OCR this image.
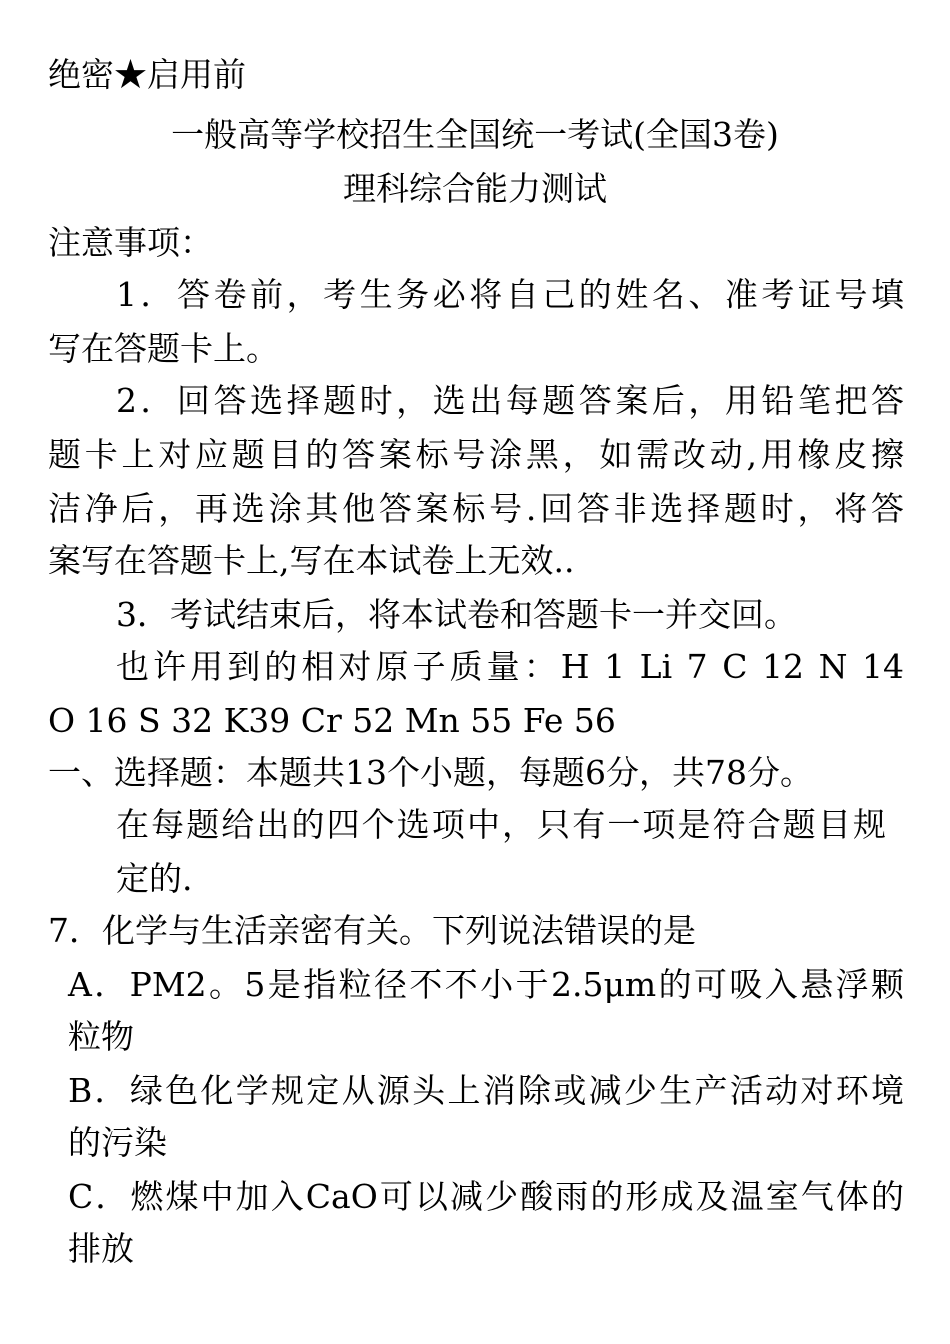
绝密★启用前
一般高等学校招生全国统一考试(全国3卷)
理科综合能力测试
注意事项：
1．答卷前，考生务必将自己的姓名、准考证号填
写在答题卡上。
2．回答选择题时，选出每题答案后，用铅笔把答
题卡上对应题目的答案标号涂黑，如需改动,用橡皮擦
洁净后，再选涂其他答案标号.回答非选择题时，将答
案写在答题卡上,写在本试卷上无效..
3．考试结束后，将本试卷和答题卡一并交回。
也许用到的相对原子质量：H 1 Li 7 C 12 N 14
O 16 S 32 K39 Cr 52 Mn 55 Fe 56
一、选择题：本题共13个小题，每题6分，共78分。
在每题给出的四个选项中，只有一项是符合题目规
定的.
7．化学与生活亲密有关。下列说法错误的是
A．PM2。5是指粒径不不小于2.5μm的可吸入悬浮颗
粒物
B．绿色化学规定从源头上消除或减少生产活动对环境
的污染
C．燃煤中加入CaO可以减少酸雨的形成及温室气体的
排放
